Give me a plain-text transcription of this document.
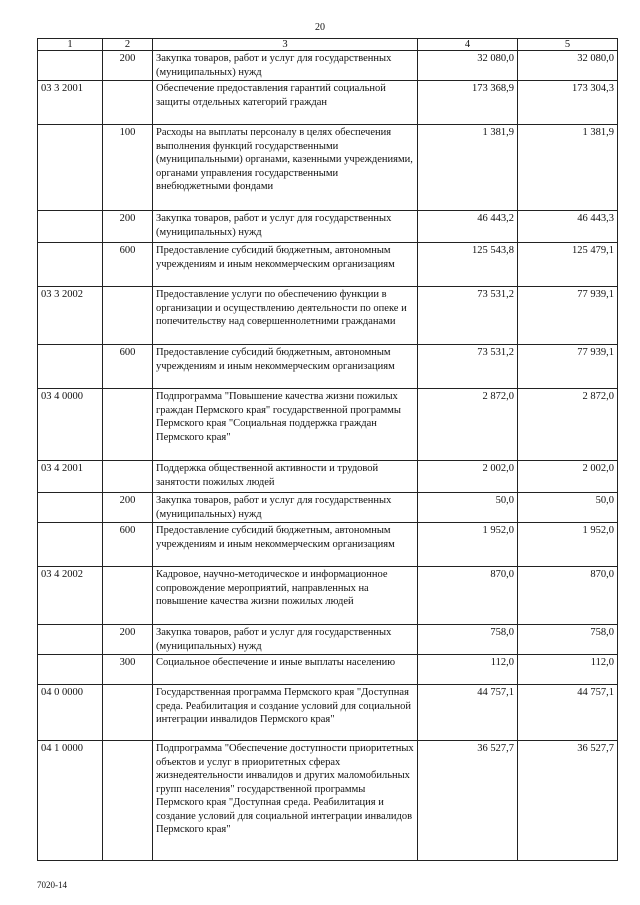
20
1	2	3	4	5
	200	Закупка товаров, работ и услуг для государственных (муниципальных) нужд	32 080,0	32 080,0
03 3 2001		Обеспечение предоставления гарантий социальной защиты отдельных категорий граждан	173 368,9	173 304,3
	100	Расходы на выплаты персоналу в целях обеспечения выполнения функций государственными (муниципальными) органами, казенными учреждениями, органами управления государственными внебюджетными фондами	1 381,9	1 381,9
	200	Закупка товаров, работ и услуг для государственных (муниципальных) нужд	46 443,2	46 443,3
	600	Предоставление субсидий бюджетным, автономным учреждениям и иным некоммерческим организациям	125 543,8	125 479,1
03 3 2002		Предоставление услуги по обеспечению функции в организации и осуществлению деятельности по опеке и попечительству над совершеннолетними гражданами	73 531,2	77 939,1
	600	Предоставление субсидий бюджетным, автономным учреждениям и иным некоммерческим организациям	73 531,2	77 939,1
03 4 0000		Подпрограмма "Повышение качества жизни пожилых граждан Пермского края" государственной программы Пермского края "Социальная поддержка граждан Пермского края"	2 872,0	2 872,0
03 4 2001		Поддержка общественной активности и трудовой занятости пожилых людей	2 002,0	2 002,0
	200	Закупка товаров, работ и услуг для государственных (муниципальных) нужд	50,0	50,0
	600	Предоставление субсидий бюджетным, автономным учреждениям и иным некоммерческим организациям	1 952,0	1 952,0
03 4 2002		Кадровое, научно-методическое и информационное сопровождение мероприятий, направленных на повышение качества жизни пожилых людей	870,0	870,0
	200	Закупка товаров, работ и услуг для государственных (муниципальных) нужд	758,0	758,0
	300	Социальное обеспечение и иные выплаты населению	112,0	112,0
04 0 0000		Государственная программа Пермского края "Доступная среда. Реабилитация и создание условий для социальной интеграции инвалидов Пермского края"	44 757,1	44 757,1
04 1 0000		Подпрограмма "Обеспечение доступности приоритетных объектов и услуг в приоритетных сферах жизнедеятельности инвалидов и других маломобильных групп населения" государственной программы Пермского края "Доступная среда. Реабилитация и создание условий для социальной интеграции инвалидов Пермского края"	36 527,7	36 527,7
7020-14
